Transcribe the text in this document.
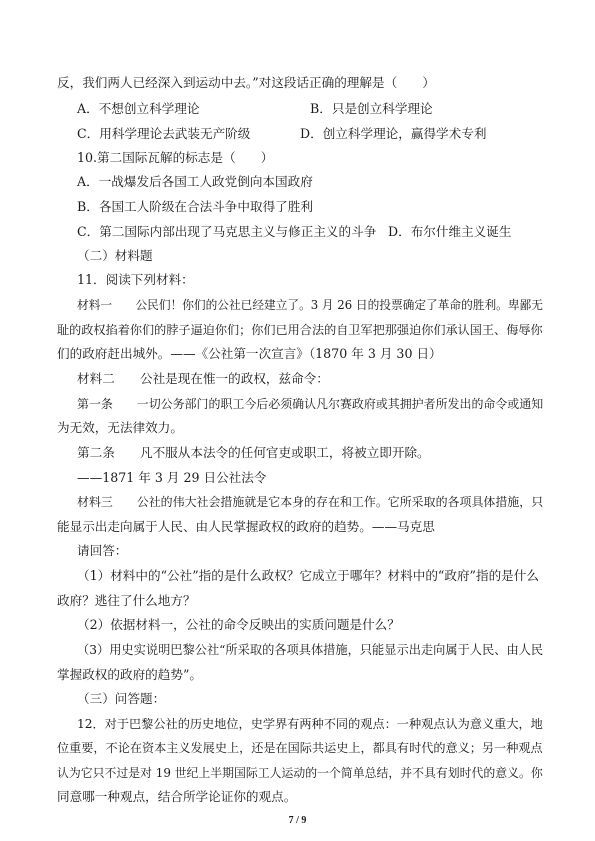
反，我们两人已经深入到运动中去。”对这段话正确的理解是（　　）
A．不想创立科学理论	B．只是创立科学理论
C．用科学理论去武装无产阶级	D．创立科学理论，赢得学术专利
10.第二国际瓦解的标志是（　　）
A．一战爆发后各国工人政党倒向本国政府
B．各国工人阶级在合法斗争中取得了胜利
C．第二国际内部出现了马克思主义与修正主义的斗争 D．布尔什维主义诞生
（二）材料题
11．阅读下列材料：
材料一　　公民们！你们的公社已经建立了。3 月 26 日的投票确定了革命的胜利。卑鄙无
耻的政权掐着你们的脖子逼迫你们；你们已用合法的自卫军把那强迫你们承认国王、侮辱你
们的政府赶出城外。——《公社第一次宣言》（1870 年 3 月 30 日）
材料二　　公社是现在惟一的政权，兹命令：
第一条　　一切公务部门的职工今后必须确认凡尔赛政府或其拥护者所发出的命令或通知
为无效，无法律效力。
第二条　　凡不服从本法令的任何官吏或职工，将被立即开除。
——1871 年 3 月 29 日公社法令
材料三　　公社的伟大社会措施就是它本身的存在和工作。它所采取的各项具体措施，只
能显示出走向属于人民、由人民掌握政权的政府的趋势。——马克思
请回答：
（1）材料中的“公社”指的是什么政权？它成立于哪年？材料中的“政府”指的是什么
政府？逃往了什么地方？
（2）依据材料一，公社的命令反映出的实质问题是什么？
（3）用史实说明巴黎公社“所采取的各项具体措施，只能显示出走向属于人民、由人民
掌握政权的政府的趋势”。
（三）问答题：
12．对于巴黎公社的历史地位，史学界有两种不同的观点：一种观点认为意义重大，地
位重要，不论在资本主义发展史上，还是在国际共运史上，都具有时代的意义；另一种观点
认为它只不过是对 19 世纪上半期国际工人运动的一个简单总结，并不具有划时代的意义。你
同意哪一种观点，结合所学论证你的观点。
7 / 9
